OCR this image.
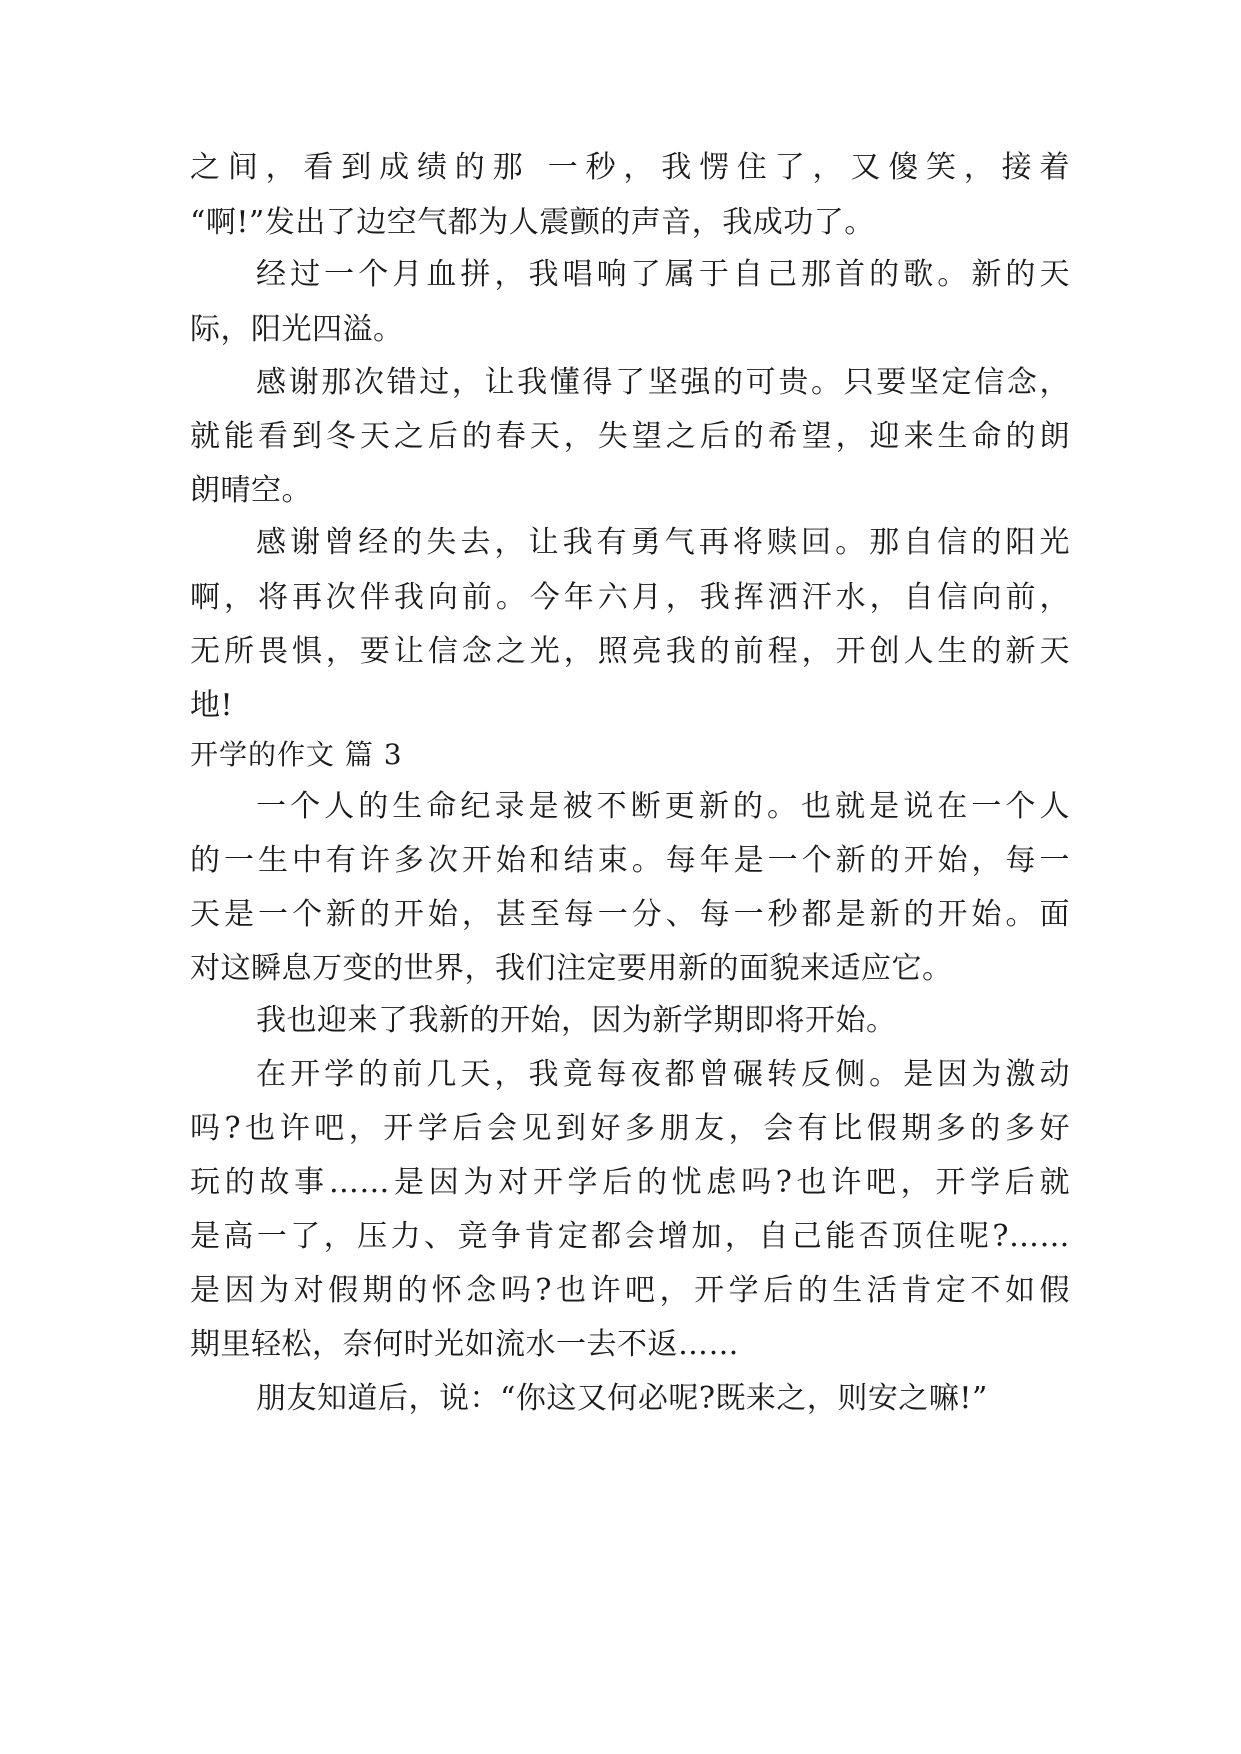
之间，看到成绩的那 一秒，我愣住了，又傻笑，接着
“啊!”发出了边空气都为人震颤的声音，我成功了。
经过一个月血拼，我唱响了属于自己那首的歌。新的天
际，阳光四溢。
感谢那次错过，让我懂得了坚强的可贵。只要坚定信念，
就能看到冬天之后的春天，失望之后的希望，迎来生命的朗
朗晴空。
感谢曾经的失去，让我有勇气再将赎回。那自信的阳光
啊，将再次伴我向前。今年六月，我挥洒汗水，自信向前，
无所畏惧，要让信念之光，照亮我的前程，开创人生的新天
地!
开学的作文 篇 3
一个人的生命纪录是被不断更新的。也就是说在一个人
的一生中有许多次开始和结束。每年是一个新的开始，每一
天是一个新的开始，甚至每一分、每一秒都是新的开始。面
对这瞬息万变的世界，我们注定要用新的面貌来适应它。
我也迎来了我新的开始，因为新学期即将开始。
在开学的前几天，我竟每夜都曾碾转反侧。是因为激动
吗?也许吧，开学后会见到好多朋友，会有比假期多的多好
玩的故事……是因为对开学后的忧虑吗?也许吧，开学后就
是高一了，压力、竞争肯定都会增加，自己能否顶住呢?……
是因为对假期的怀念吗?也许吧，开学后的生活肯定不如假
期里轻松，奈何时光如流水一去不返……
朋友知道后，说：“你这又何必呢?既来之，则安之嘛!”
